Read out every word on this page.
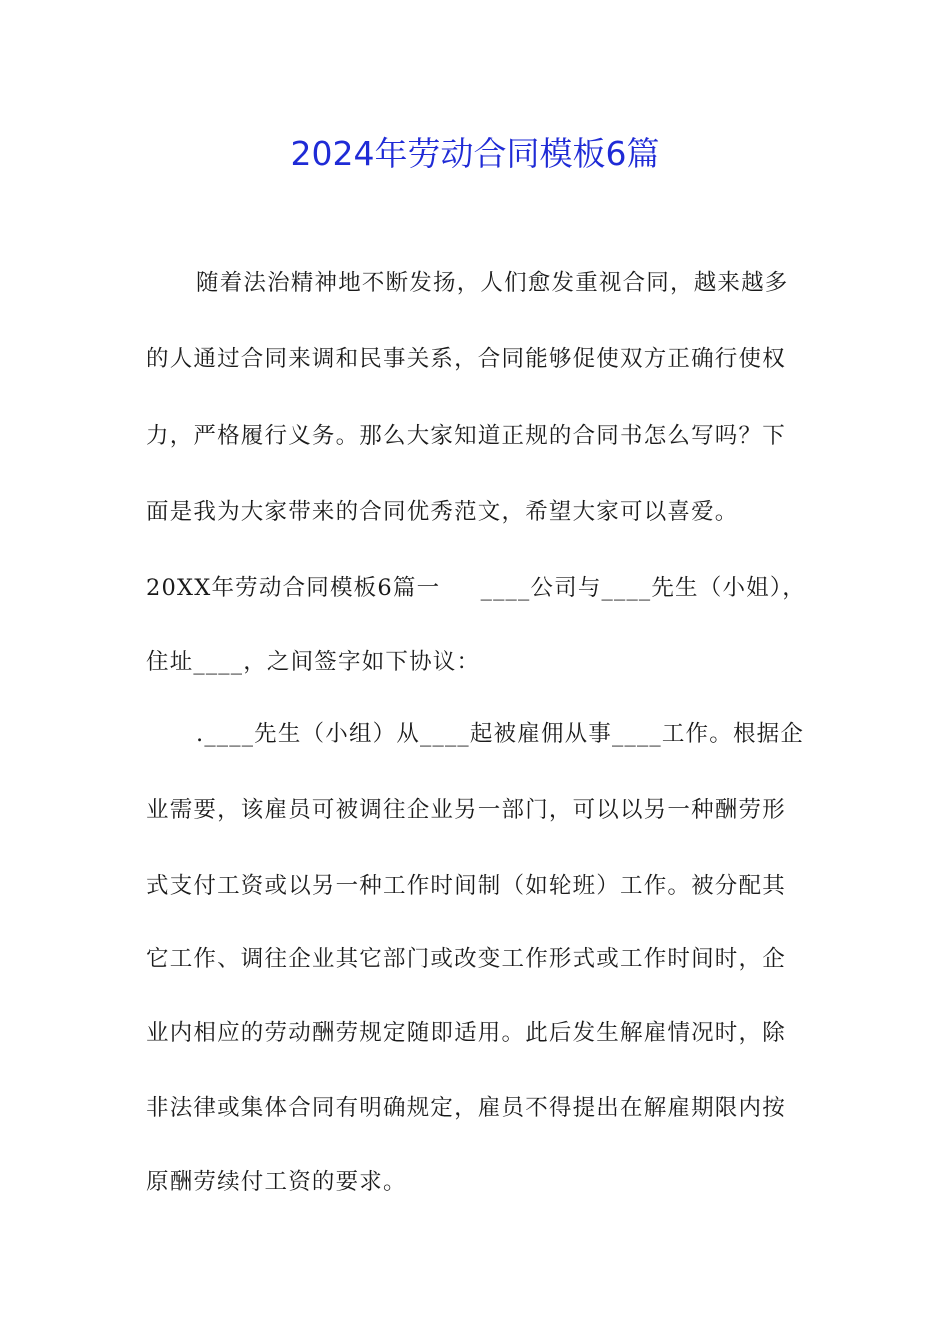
2024年劳动合同模板6篇
随着法治精神地不断发扬，人们愈发重视合同，越来越多
的人通过合同来调和民事关系，合同能够促使双方正确行使权
力，严格履行义务。那么大家知道正规的合同书怎么写吗？下
面是我为大家带来的合同优秀范文，希望大家可以喜爱。
20XX年劳动合同模板6篇一 ____公司与____先生（小姐），
住址____，之间签字如下协议：
.____先生（小组）从____起被雇佣从事____工作。根据企
业需要，该雇员可被调往企业另一部门，可以以另一种酬劳形
式支付工资或以另一种工作时间制（如轮班）工作。被分配其
它工作、调往企业其它部门或改变工作形式或工作时间时，企
业内相应的劳动酬劳规定随即适用。此后发生解雇情况时，除
非法律或集体合同有明确规定，雇员不得提出在解雇期限内按
原酬劳续付工资的要求。
